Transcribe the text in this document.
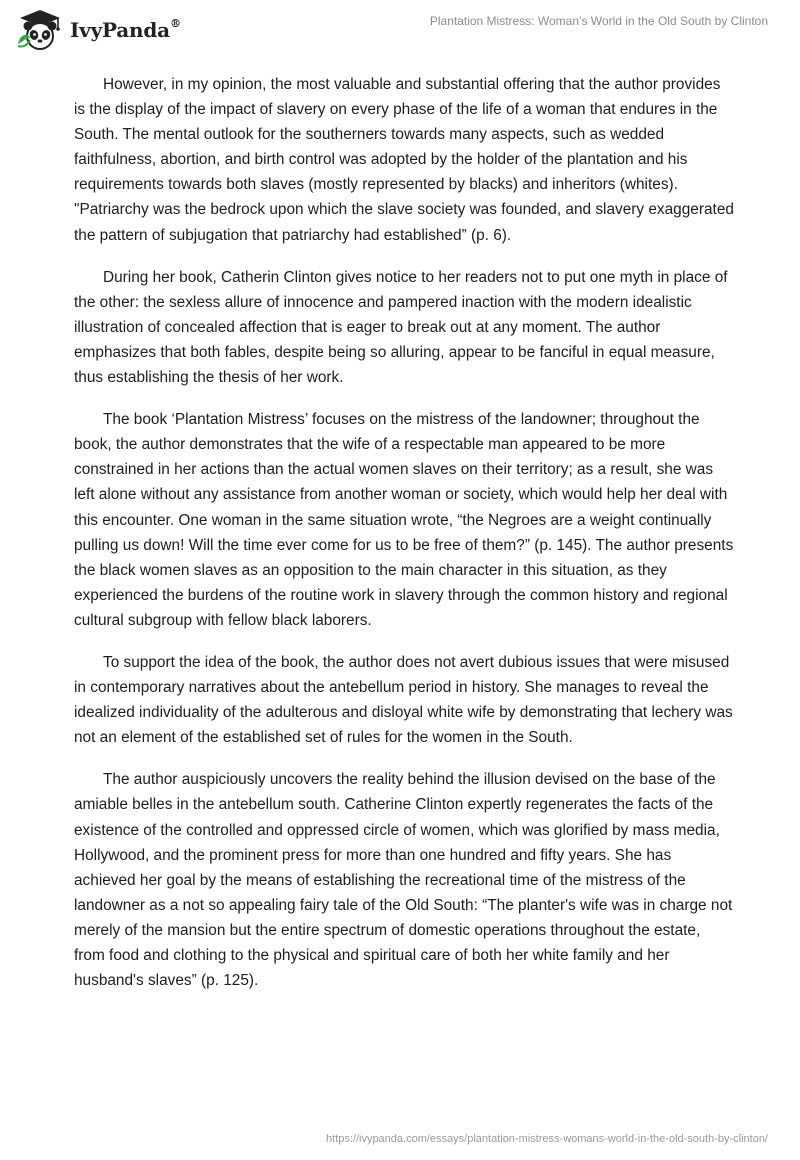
IvyPanda®	Plantation Mistress: Woman’s World in the Old South by Clinton

However, in my opinion, the most valuable and substantial offering that the author provides is the display of the impact of slavery on every phase of the life of a woman that endures in the South. The mental outlook for the southerners towards many aspects, such as wedded faithfulness, abortion, and birth control was adopted by the holder of the plantation and his requirements towards both slaves (mostly represented by blacks) and inheritors (whites). "Patriarchy was the bedrock upon which the slave society was founded, and slavery exaggerated the pattern of subjugation that patriarchy had established” (p. 6).

During her book, Catherin Clinton gives notice to her readers not to put one myth in place of the other: the sexless allure of innocence and pampered inaction with the modern idealistic illustration of concealed affection that is eager to break out at any moment. The author emphasizes that both fables, despite being so alluring, appear to be fanciful in equal measure, thus establishing the thesis of her work.

The book ‘Plantation Mistress’ focuses on the mistress of the landowner; throughout the book, the author demonstrates that the wife of a respectable man appeared to be more constrained in her actions than the actual women slaves on their territory; as a result, she was left alone without any assistance from another woman or society, which would help her deal with this encounter. One woman in the same situation wrote, “the Negroes are a weight continually pulling us down! Will the time ever come for us to be free of them?” (p. 145). The author presents the black women slaves as an opposition to the main character in this situation, as they experienced the burdens of the routine work in slavery through the common history and regional cultural subgroup with fellow black laborers.

To support the idea of the book, the author does not avert dubious issues that were misused in contemporary narratives about the antebellum period in history. She manages to reveal the idealized individuality of the adulterous and disloyal white wife by demonstrating that lechery was not an element of the established set of rules for the women in the South.

The author auspiciously uncovers the reality behind the illusion devised on the base of the amiable belles in the antebellum south. Catherine Clinton expertly regenerates the facts of the existence of the controlled and oppressed circle of women, which was glorified by mass media, Hollywood, and the prominent press for more than one hundred and fifty years. She has achieved her goal by the means of establishing the recreational time of the mistress of the landowner as a not so appealing fairy tale of the Old South: “The planter's wife was in charge not merely of the mansion but the entire spectrum of domestic operations throughout the estate, from food and clothing to the physical and spiritual care of both her white family and her husband's slaves” (p. 125).

https://ivypanda.com/essays/plantation-mistress-womans-world-in-the-old-south-by-clinton/
